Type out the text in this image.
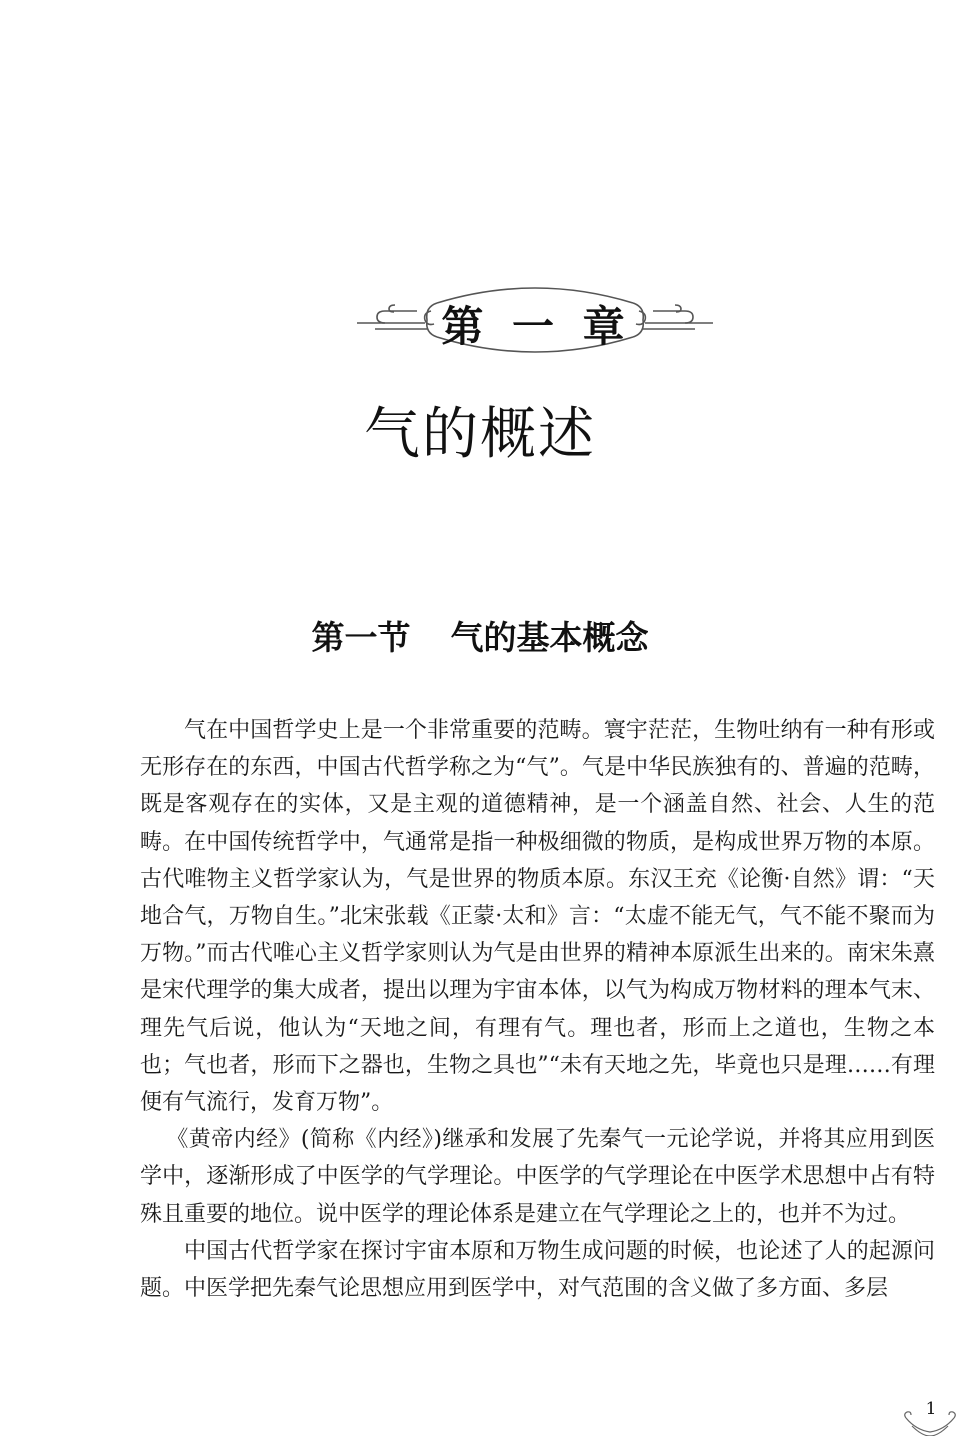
第 一 章
气的概述
第一节 气的基本概念

气在中国哲学史上是一个非常重要的范畴。寰宇茫茫，生物吐纳有一种有形或无形存在的东西，中国古代哲学称之为“气”。气是中华民族独有的、普遍的范畴，既是客观存在的实体，又是主观的道德精神，是一个涵盖自然、社会、人生的范畴。在中国传统哲学中，气通常是指一种极细微的物质，是构成世界万物的本原。古代唯物主义哲学家认为，气是世界的物质本原。东汉王充《论衡·自然》谓：“天地合气，万物自生。”北宋张载《正蒙·太和》言：“太虚不能无气，气不能不聚而为万物。”而古代唯心主义哲学家则认为气是由世界的精神本原派生出来的。南宋朱熹是宋代理学的集大成者，提出以理为宇宙本体，以气为构成万物材料的理本气末、理先气后说，他认为“天地之间，有理有气。理也者，形而上之道也，生物之本也；气也者，形而下之器也，生物之具也”“未有天地之先，毕竟也只是理……有理便有气流行，发育万物”。

《黄帝内经》(简称《内经》)继承和发展了先秦气一元论学说，并将其应用到医学中，逐渐形成了中医学的气学理论。中医学的气学理论在中医学术思想中占有特殊且重要的地位。说中医学的理论体系是建立在气学理论之上的，也并不为过。

中国古代哲学家在探讨宇宙本原和万物生成问题的时候，也论述了人的起源问题。中医学把先秦气论思想应用到医学中，对气范围的含义做了多方面、多层

1
